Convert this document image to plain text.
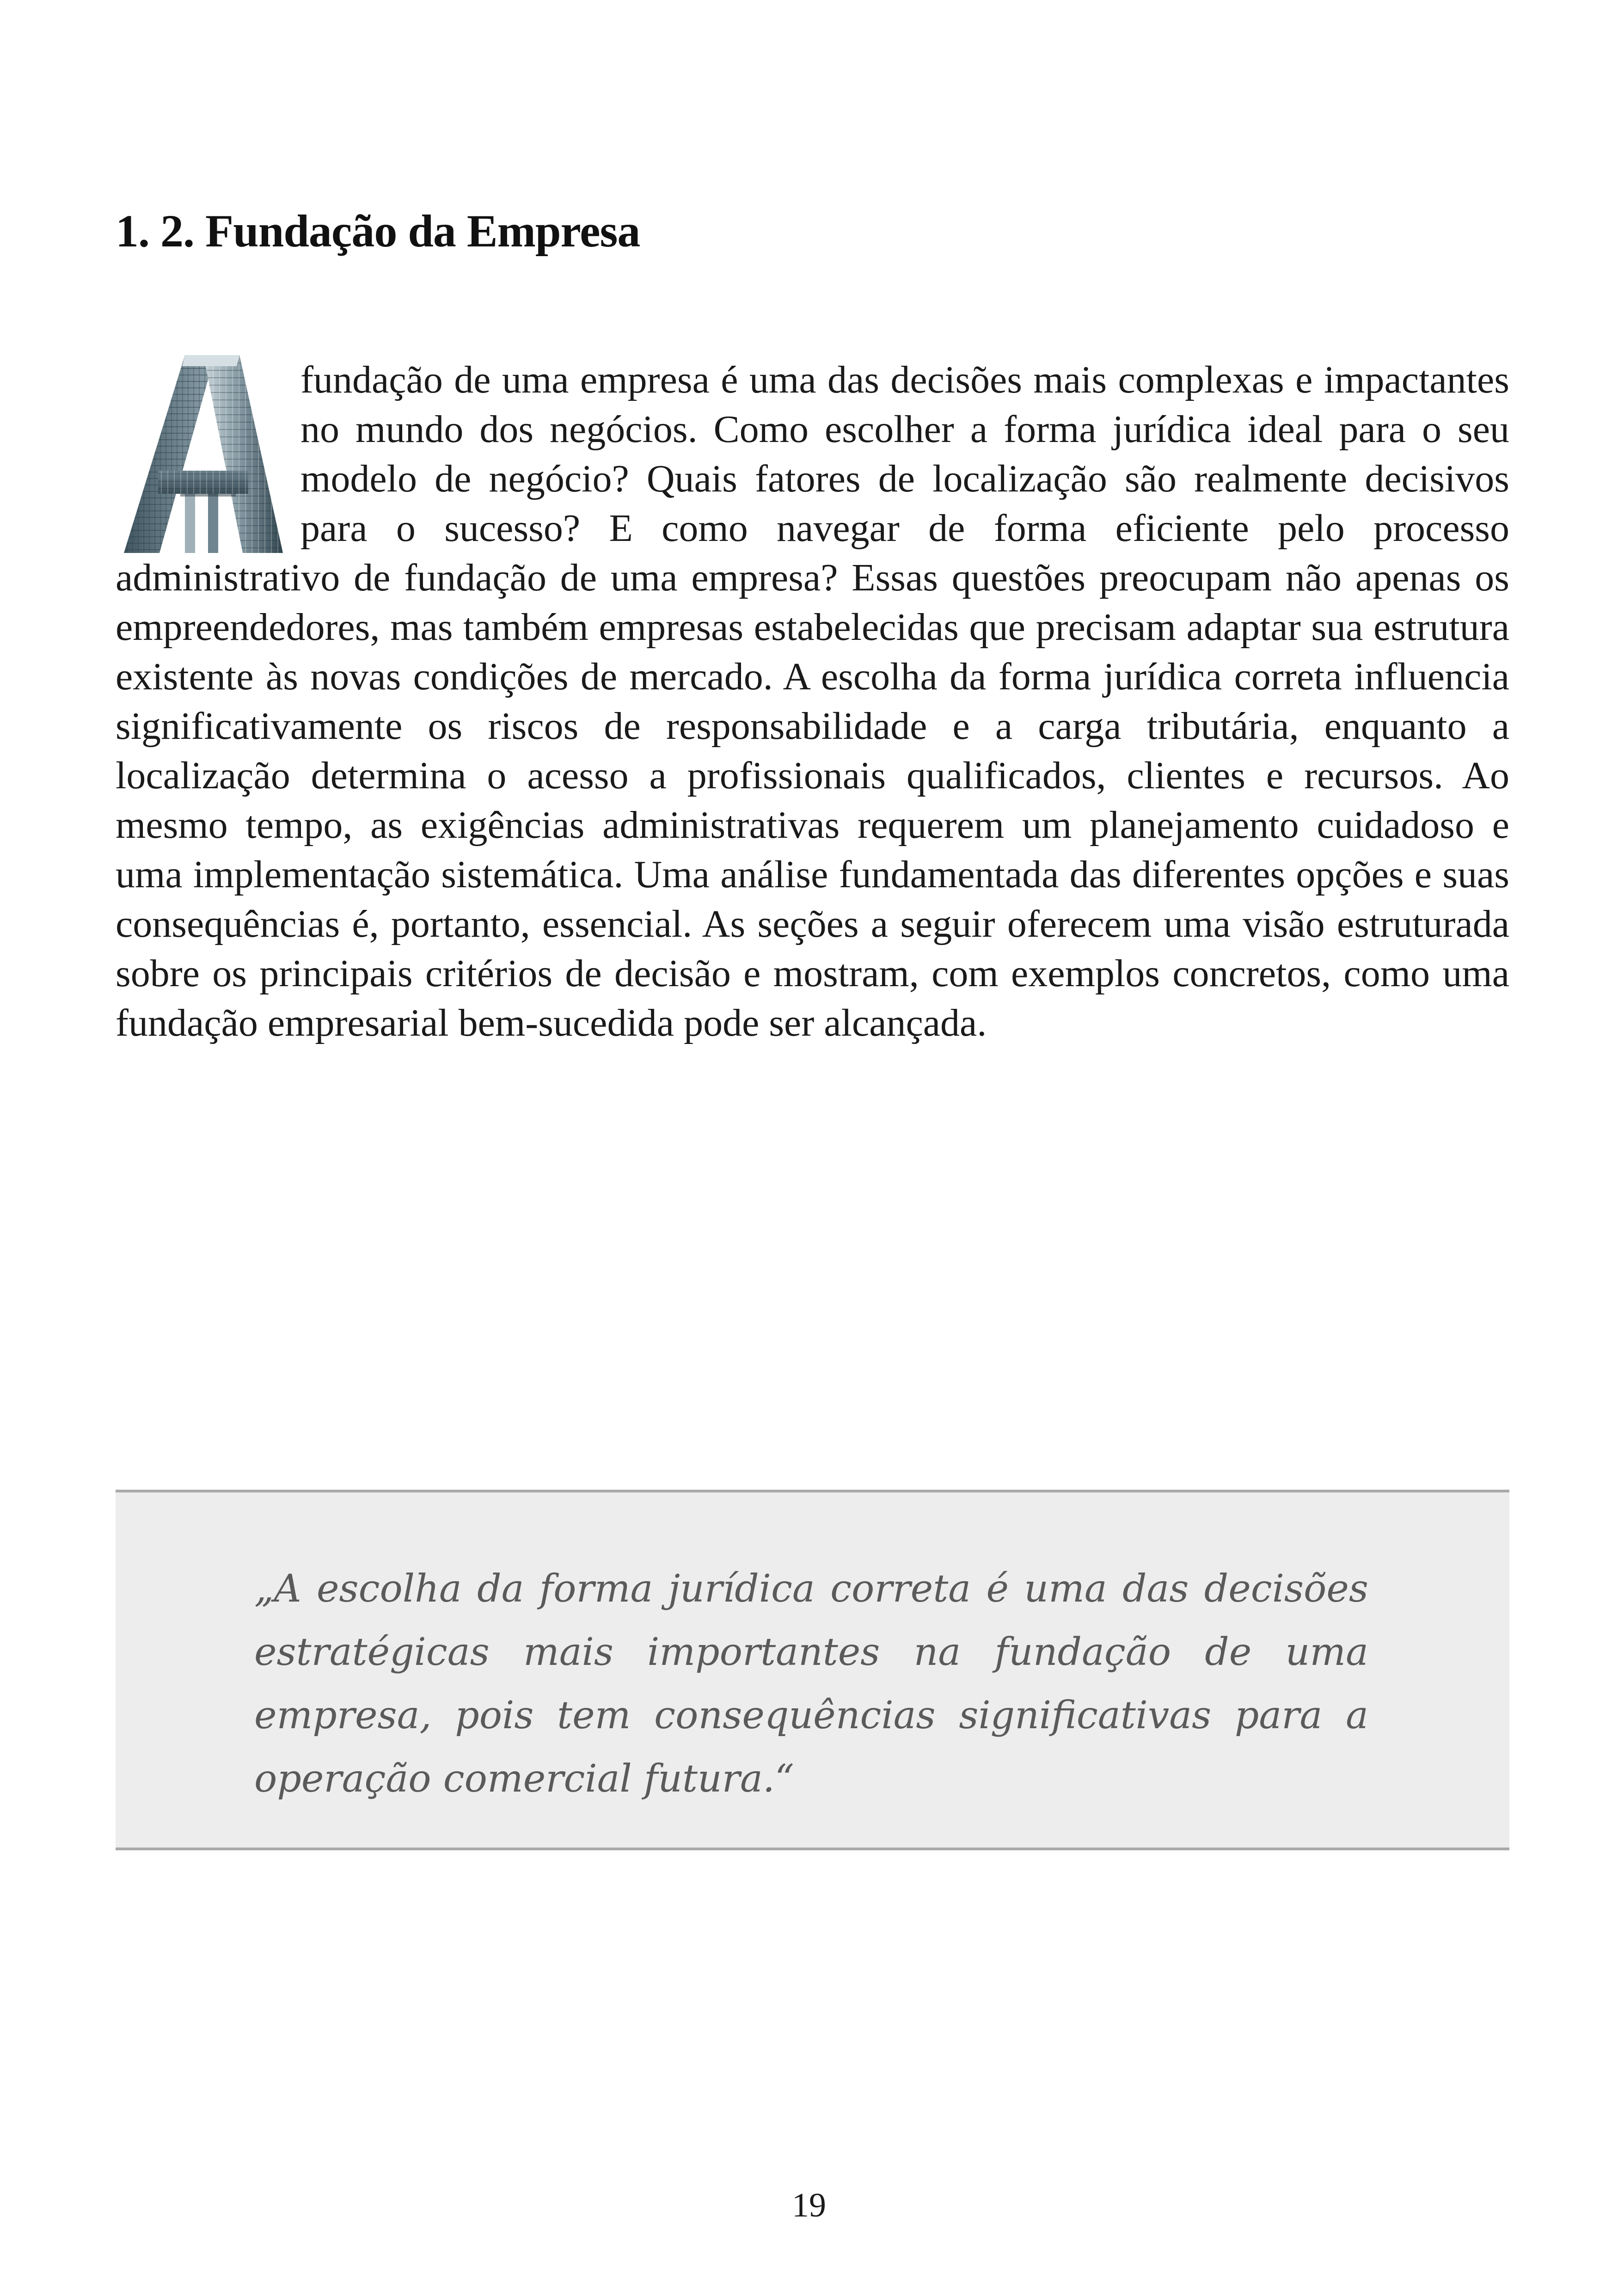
1. 2. Fundação da Empresa
fundação de uma empresa é uma das decisões mais complexas e impactantes no mundo dos negócios. Como escolher a forma jurídica ideal para o seu modelo de negócio? Quais fatores de localização são realmente decisivos para o sucesso? E como navegar de forma eficiente pelo processo administrativo de fundação de uma empresa? Essas questões preocupam não apenas os empreendedores, mas também empresas estabelecidas que precisam adaptar sua estrutura existente às novas condições de mercado. A escolha da forma jurídica correta influencia significativamente os riscos de responsabilidade e a carga tributária, enquanto a localização determina o acesso a profissionais qualificados, clientes e recursos. Ao mesmo tempo, as exigências administrativas requerem um planejamento cuidadoso e uma implementação sistemática. Uma análise fundamentada das diferentes opções e suas consequências é, portanto, essencial. As seções a seguir oferecem uma visão estruturada sobre os principais critérios de decisão e mostram, com exemplos concretos, como uma fundação empresarial bem-sucedida pode ser alcançada.

„A escolha da forma jurídica correta é uma das decisões estratégicas mais importantes na fundação de uma empresa, pois tem consequências significativas para a operação comercial futura.“

19
